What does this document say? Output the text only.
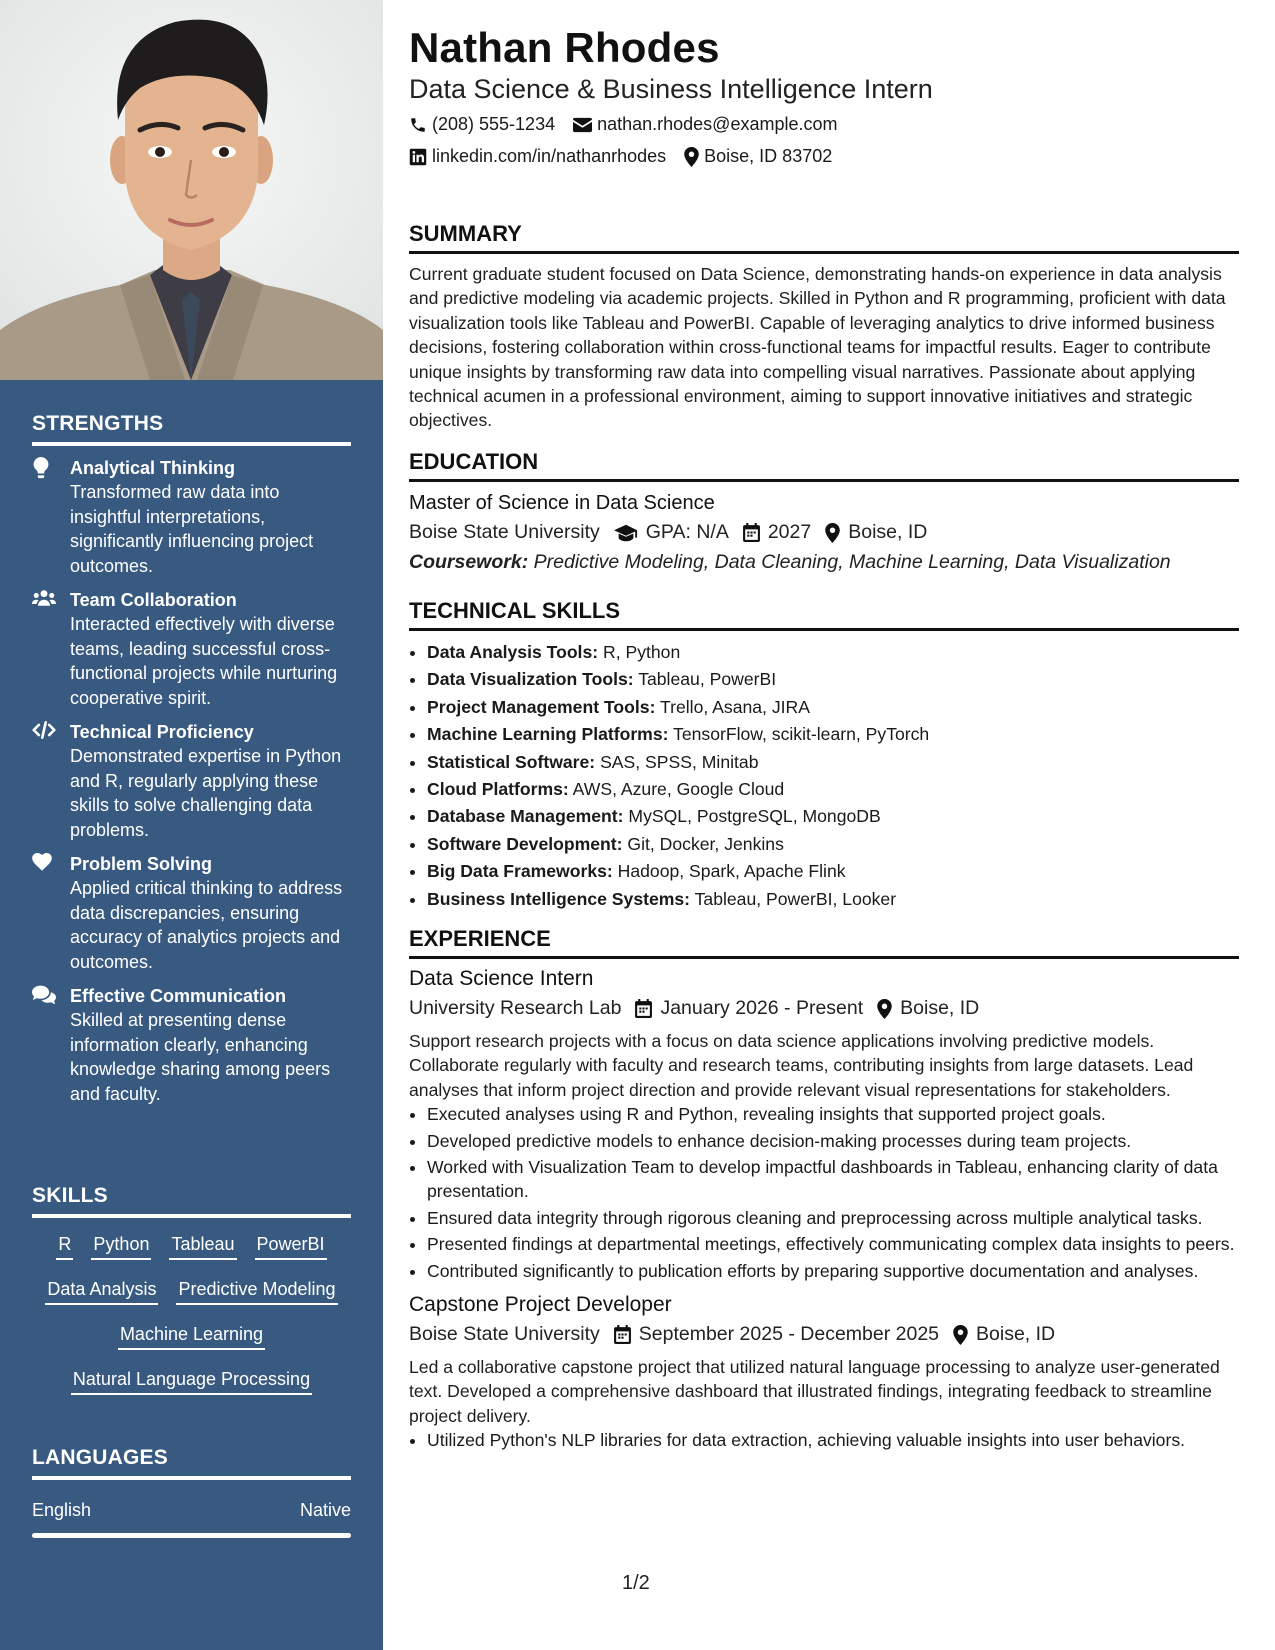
STRENGTHS
Analytical Thinking
Transformed raw data into insightful interpretations, significantly influencing project outcomes.
Team Collaboration
Interacted effectively with diverse teams, leading successful cross-functional projects while nurturing cooperative spirit.
Technical Proficiency
Demonstrated expertise in Python and R, regularly applying these skills to solve challenging data problems.
Problem Solving
Applied critical thinking to address data discrepancies, ensuring accuracy of analytics projects and outcomes.
Effective Communication
Skilled at presenting dense information clearly, enhancing knowledge sharing among peers and faculty.
SKILLS
R Python Tableau PowerBI
Data Analysis Predictive Modeling
Machine Learning
Natural Language Processing
LANGUAGES
English	Native
Nathan Rhodes
Data Science & Business Intelligence Intern
(208) 555-1234 nathan.rhodes@example.com
linkedin.com/in/nathanrhodes Boise, ID 83702
SUMMARY

Current graduate student focused on Data Science, demonstrating hands-on experience in data analysis and predictive modeling via academic projects. Skilled in Python and R programming, proficient with data visualization tools like Tableau and PowerBI. Capable of leveraging analytics to drive informed business decisions, fostering collaboration within cross-functional teams for impactful results. Eager to contribute unique insights by transforming raw data into compelling visual narratives. Passionate about applying technical acumen in a professional environment, aiming to support innovative initiatives and strategic objectives.

EDUCATION
Master of Science in Data Science
Boise State University GPA: N/A 2027 Boise, ID
Coursework: Predictive Modeling, Data Cleaning, Machine Learning, Data Visualization
TECHNICAL SKILLS
• Data Analysis Tools: R, Python
• Data Visualization Tools: Tableau, PowerBI
• Project Management Tools: Trello, Asana, JIRA
• Machine Learning Platforms: TensorFlow, scikit-learn, PyTorch
• Statistical Software: SAS, SPSS, Minitab
• Cloud Platforms: AWS, Azure, Google Cloud
• Database Management: MySQL, PostgreSQL, MongoDB
• Software Development: Git, Docker, Jenkins
• Big Data Frameworks: Hadoop, Spark, Apache Flink
• Business Intelligence Systems: Tableau, PowerBI, Looker
EXPERIENCE
Data Science Intern
University Research Lab January 2026 - Present Boise, ID

Support research projects with a focus on data science applications involving predictive models. Collaborate regularly with faculty and research teams, contributing insights from large datasets. Lead analyses that inform project direction and provide relevant visual representations for stakeholders.

• Executed analyses using R and Python, revealing insights that supported project goals.
• Developed predictive models to enhance decision-making processes during team projects.
• Worked with Visualization Team to develop impactful dashboards in Tableau, enhancing clarity of data presentation.
• Ensured data integrity through rigorous cleaning and preprocessing across multiple analytical tasks.
• Presented findings at departmental meetings, effectively communicating complex data insights to peers.
• Contributed significantly to publication efforts by preparing supportive documentation and analyses.
Capstone Project Developer
Boise State University September 2025 - December 2025 Boise, ID

Led a collaborative capstone project that utilized natural language processing to analyze user-generated text. Developed a comprehensive dashboard that illustrated findings, integrating feedback to streamline project delivery.

• Utilized Python's NLP libraries for data extraction, achieving valuable insights into user behaviors.
1/2
